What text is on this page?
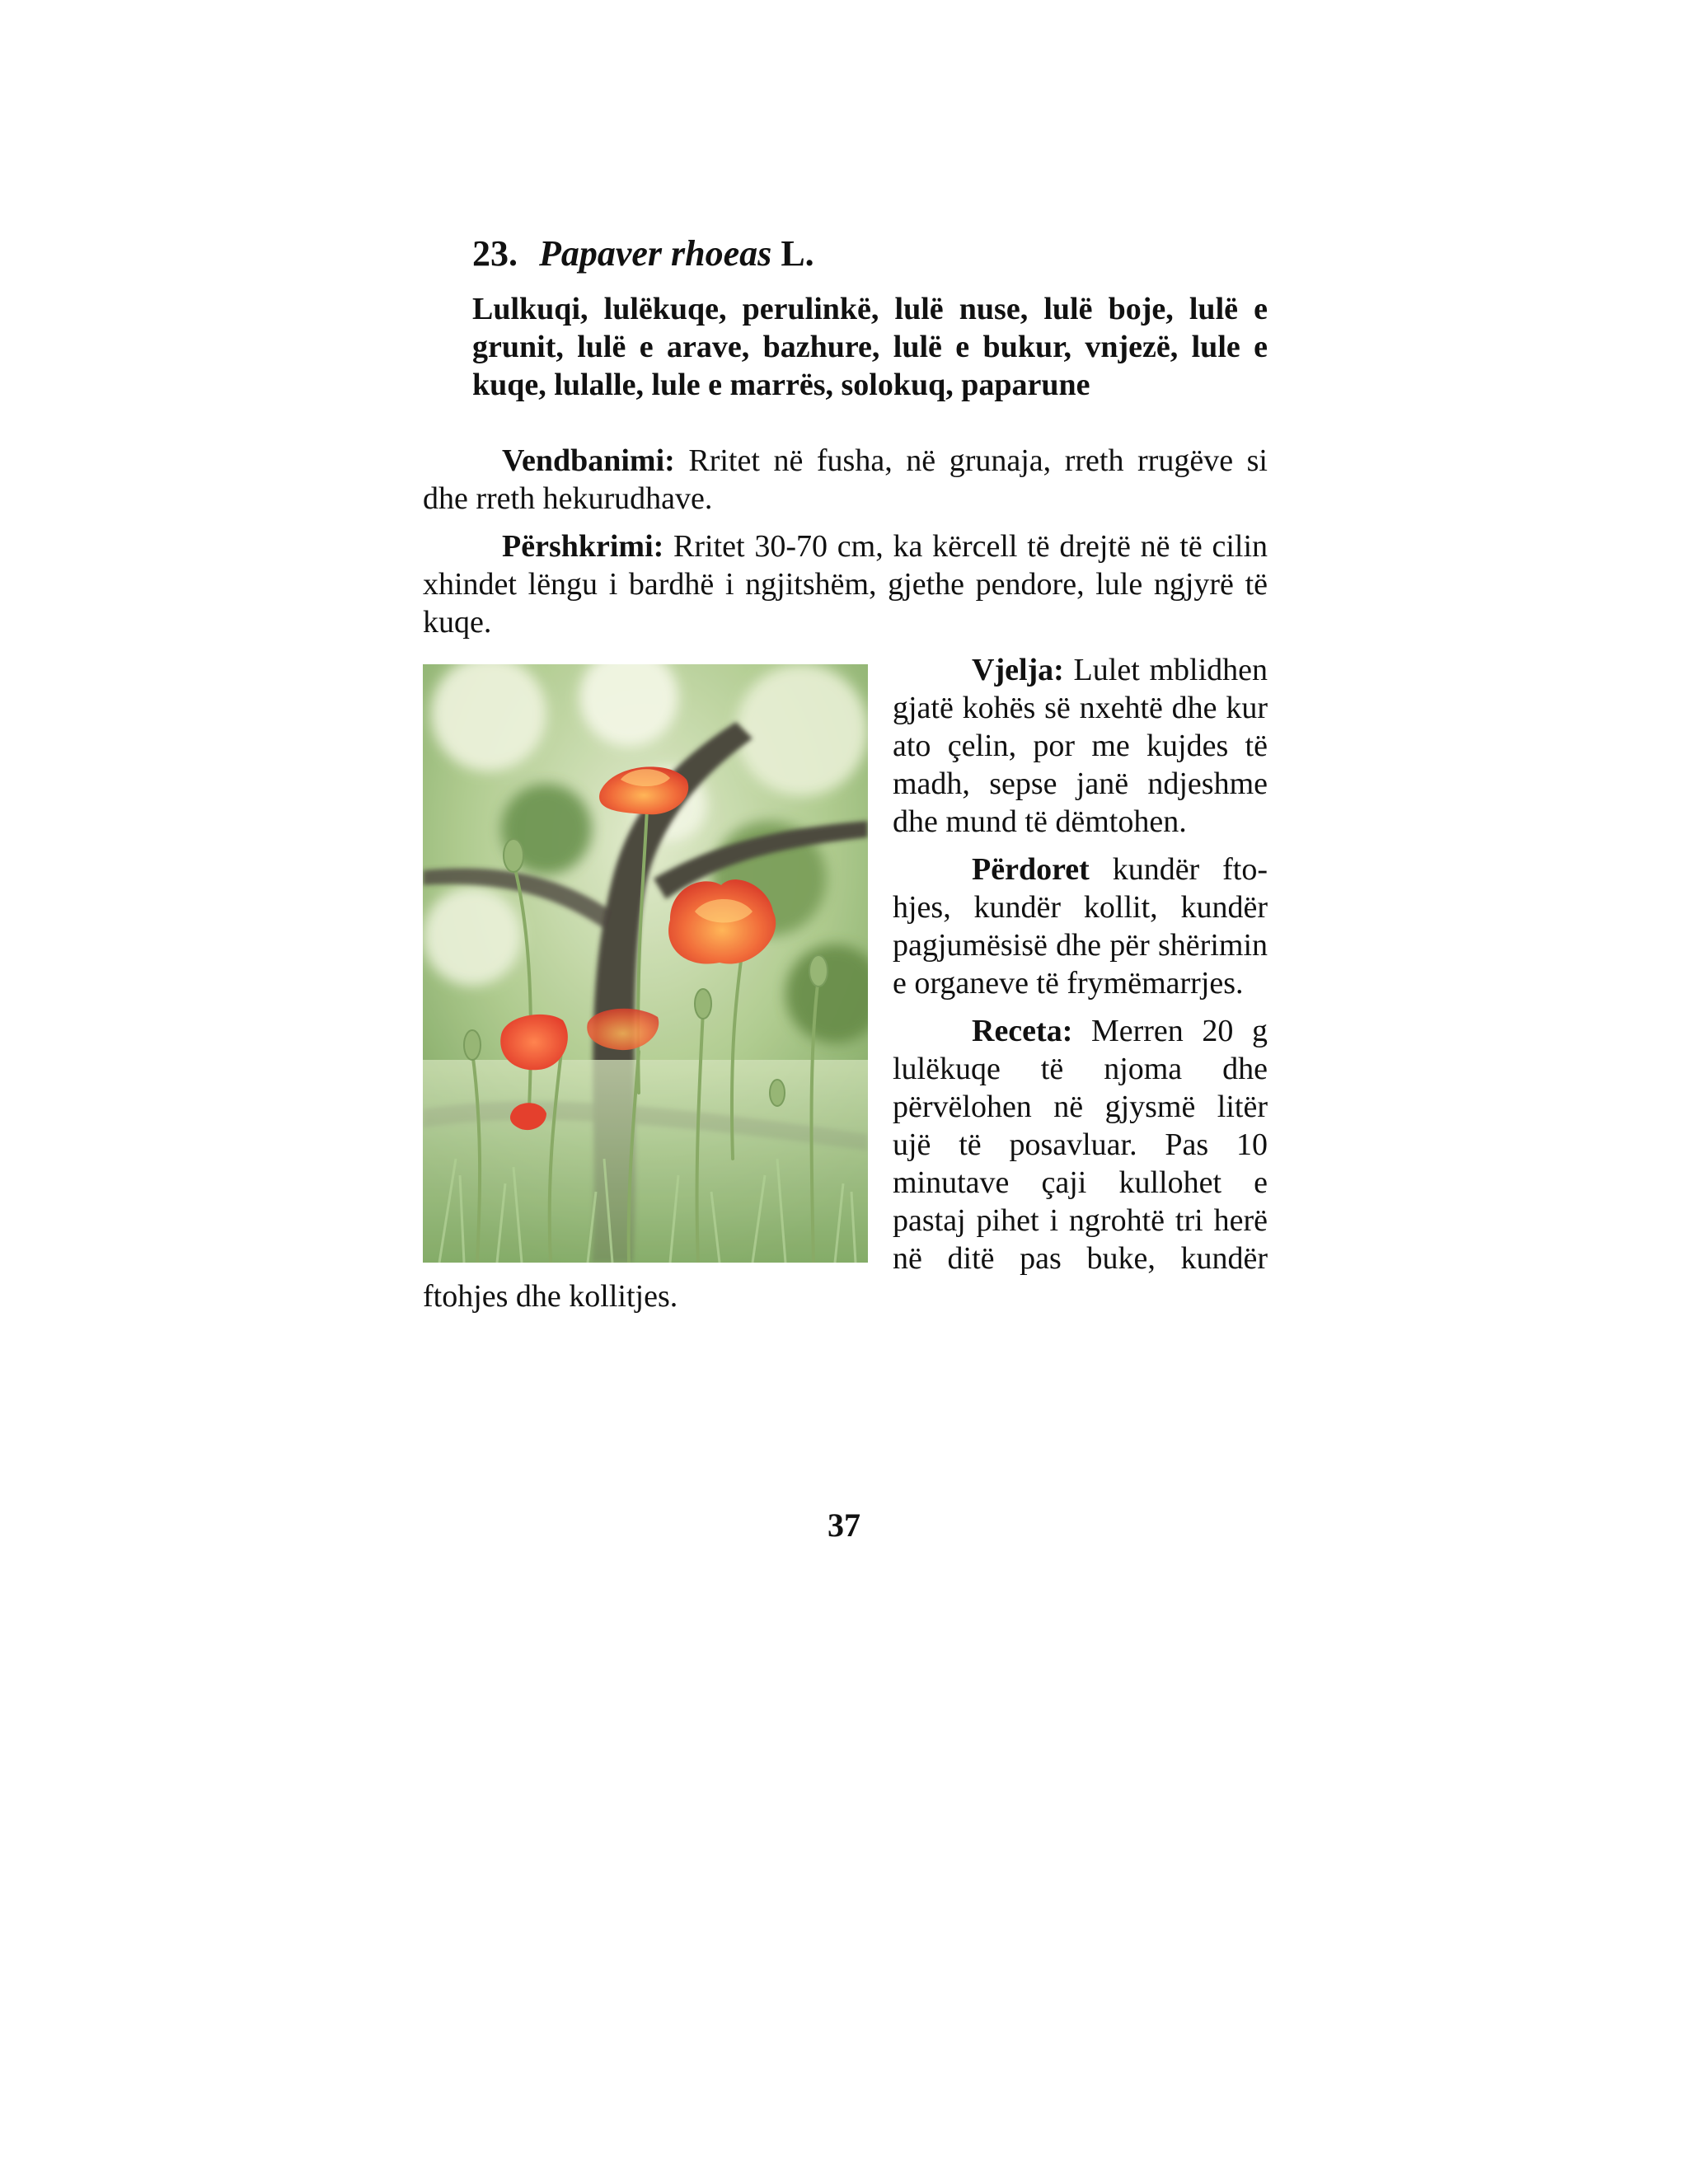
23. Papaver rhoeas L.
Lulkuqi, lulëkuqe, perulinkë, lulë nuse, lulë boje, lulë e grunit, lulë e arave, bazhure, lulë e bukur, vnjezë, lule e kuqe, lulalle, lule e marrës, solokuq, paparune

Vendbanimi: Rritet në fusha, në grunaja, rreth rrugëve si dhe rreth hekurudhave.

Përshkrimi: Rritet 30-70 cm, ka kërcell të drejtë në të cilin xhindet lëngu i bardhë i ngjitshëm, gjethe pendore, lule ngjyrë të kuqe.

Vjelja: Lulet mblidhen gjatë kohës së nxehtë dhe kur ato çelin, por me kujdes të madh, sepse janë ndjeshme dhe mund të dëmtohen.

Përdoret kundër ftohjes, kundër kollit, kundër pagjumësisë dhe për shërimin e organeve të frymëmarrjes.

Receta: Merren 20 g lulëkuqe të njoma dhe përvëlohen në gjysmë litër ujë të posavluar. Pas 10 minutave çaji kullohet e pastaj pihet i ngrohtë tri herë në ditë pas buke, kundër ftohjes dhe kollitjes.

37
